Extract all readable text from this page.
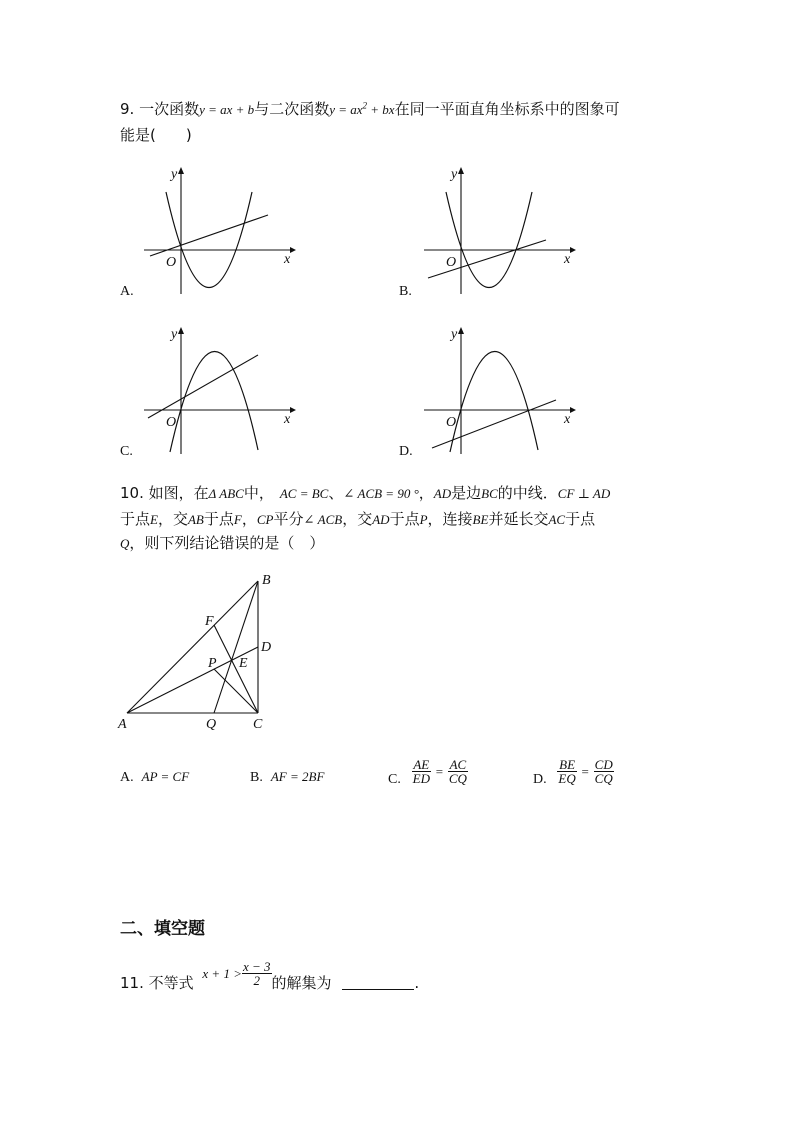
9. 一次函数y = ax + b与二次函数$y = ax^2$ + bx在同一平面直角坐标系中的图象可
能是(　　)
y
x
O
A.
y
x
O
B.
y
x
O
C.
y
x
O
D.
10. 如图，在Δ ABC中， AC = BC、∠ ACB = 90 °，AD是边BC的中线．CF ⊥ AD
于点E，交AB于点F，CP平分∠ ACB，交AD于点P，连接BE并延长交AC于点
Q，则下列结论错误的是（　）
A
B
C
D
E
F
P
Q
A. AP = CF	B. AF = 2BF	C. $\frac{AE}{ED} = \frac{AC}{CQ}$	D. $\frac{BE}{EQ} = \frac{CD}{CQ}$
二、填空题
11. 不等式 $x + 1 > \frac{x - 3}{2}$ 的解集为	.
